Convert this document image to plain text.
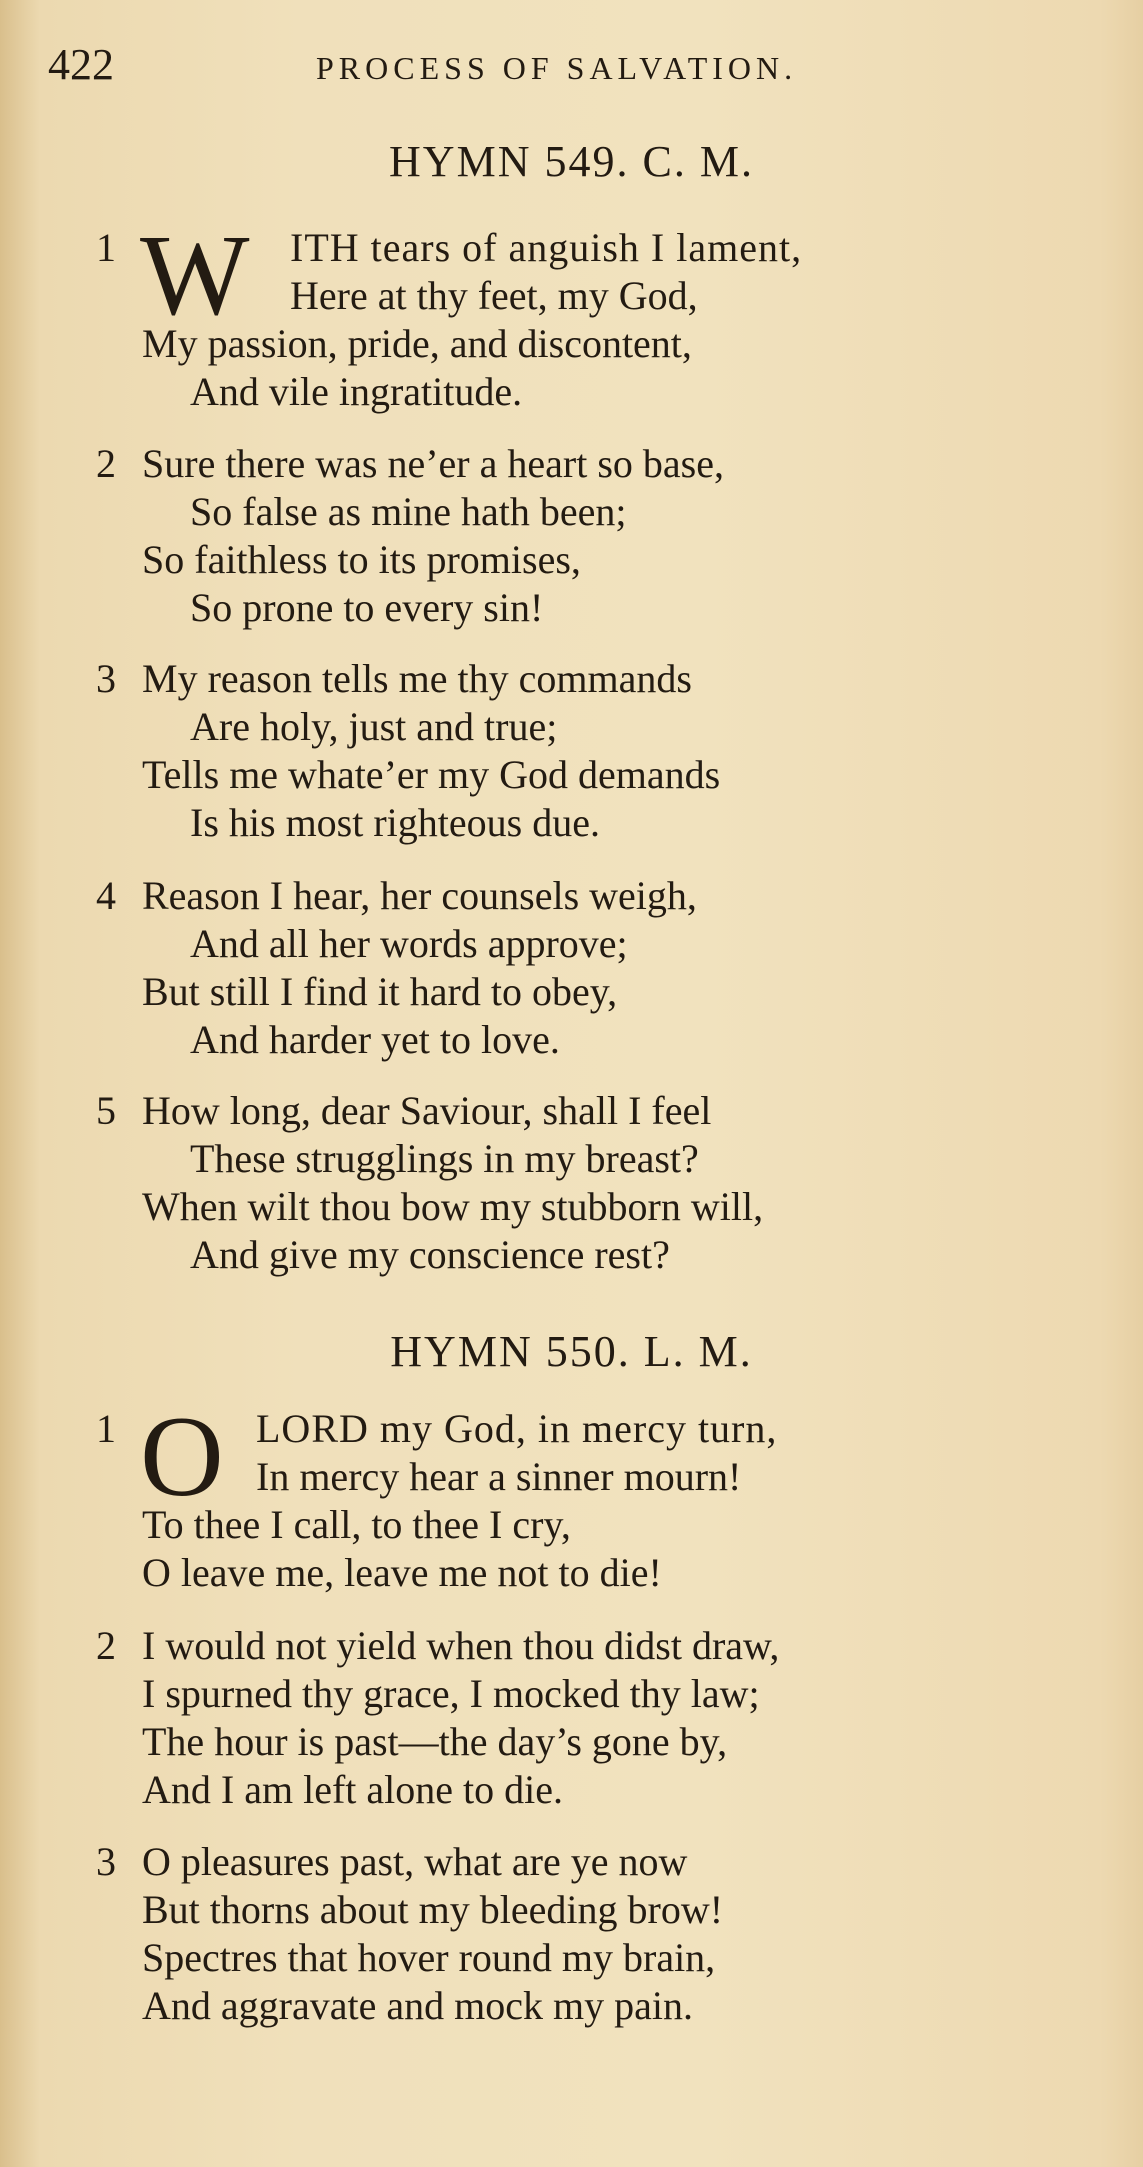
422	PROCESS OF SALVATION.
HYMN 549. C. M.
1 W	ITH tears of anguish I lament,
Here at thy feet, my God,
My passion, pride, and discontent,
And vile ingratitude.
2 Sure there was ne’er a heart so base,
So false as mine hath been;
So faithless to its promises,
So prone to every sin!
3 My reason tells me thy commands
Are holy, just and true;
Tells me whate’er my God demands
Is his most righteous due.
4 Reason I hear, her counsels weigh,
And all her words approve;
But still I find it hard to obey,
And harder yet to love.
5 How long, dear Saviour, shall I feel
These strugglings in my breast?
When wilt thou bow my stubborn will,
And give my conscience rest?
HYMN 550. L. M.
1 O LORD my God, in mercy turn,
In mercy hear a sinner mourn!
To thee I call, to thee I cry,
O leave me, leave me not to die!
2 I would not yield when thou didst draw,
I spurned thy grace, I mocked thy law;
The hour is past—the day’s gone by,
And I am left alone to die.
3 O pleasures past, what are ye now
But thorns about my bleeding brow!
Spectres that hover round my brain,
And aggravate and mock my pain.
